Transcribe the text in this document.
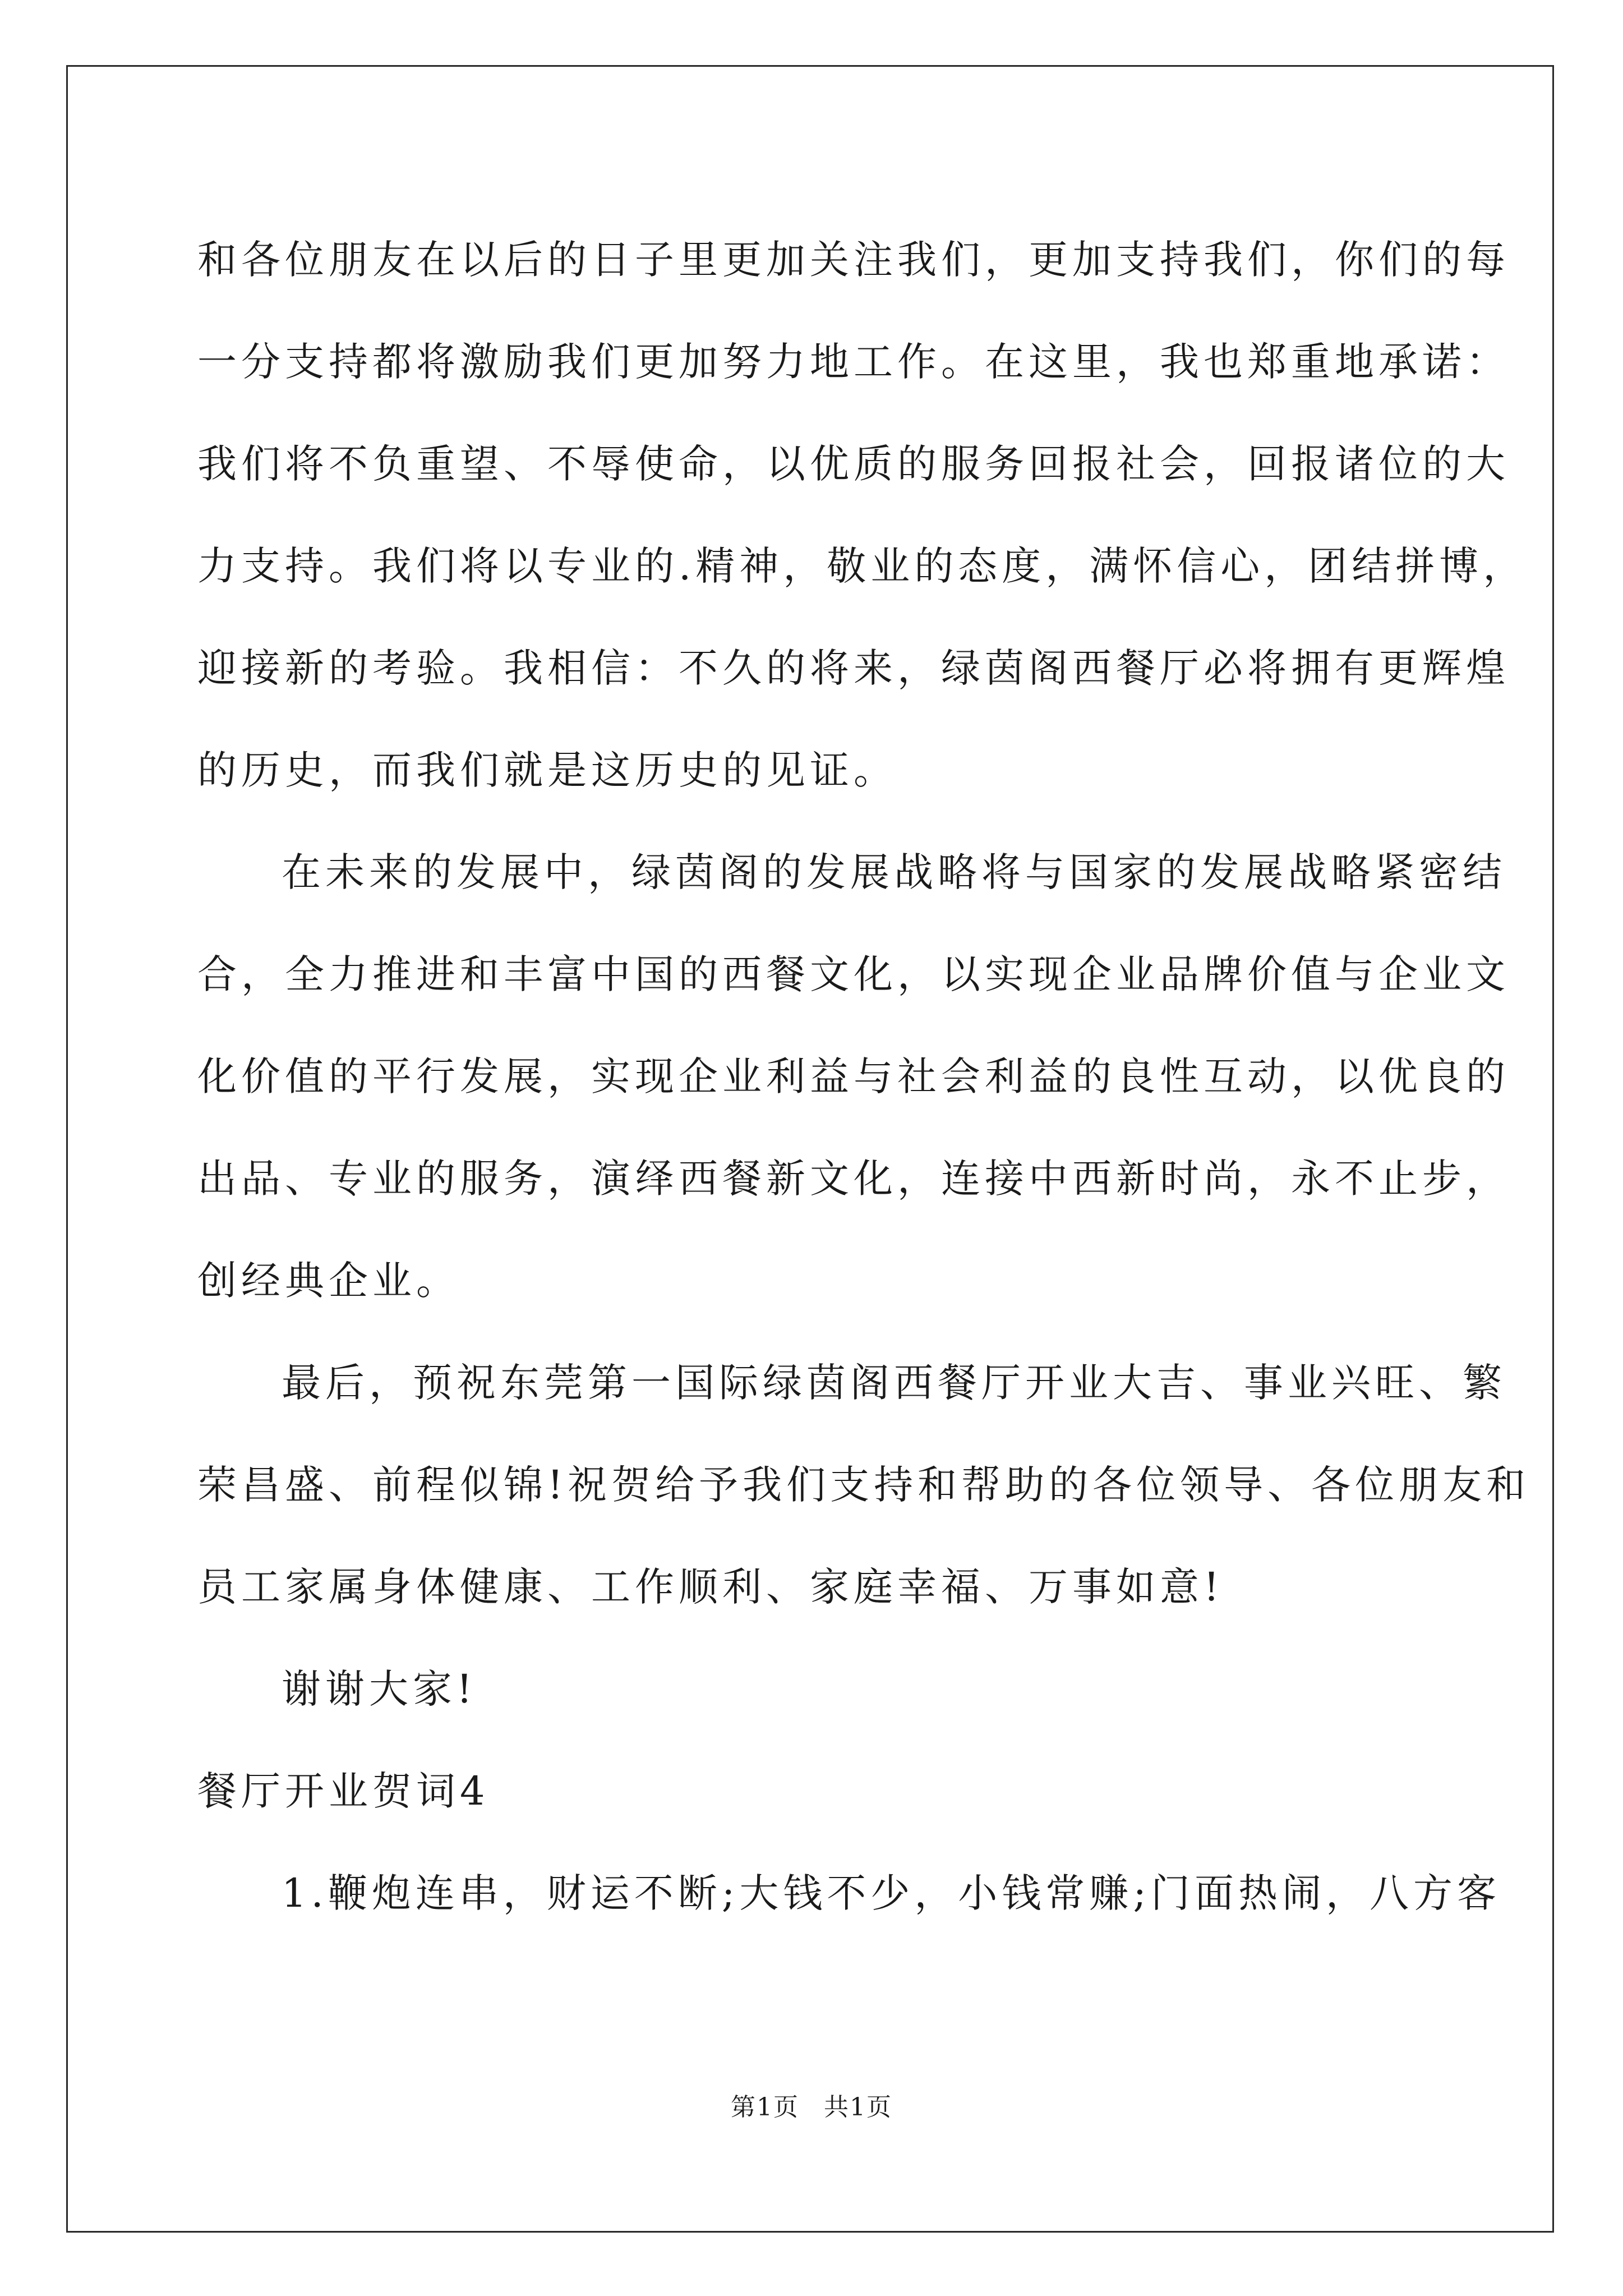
和各位朋友在以后的日子里更加关注我们，更加支持我们，你们的每
一分支持都将激励我们更加努力地工作。在这里，我也郑重地承诺：
我们将不负重望、不辱使命，以优质的服务回报社会，回报诸位的大
力支持。我们将以专业的.精神，敬业的态度，满怀信心，团结拼博，
迎接新的考验。我相信：不久的将来，绿茵阁西餐厅必将拥有更辉煌
的历史，而我们就是这历史的见证。
在未来的发展中，绿茵阁的发展战略将与国家的发展战略紧密结
合，全力推进和丰富中国的西餐文化，以实现企业品牌价值与企业文
化价值的平行发展，实现企业利益与社会利益的良性互动，以优良的
出品、专业的服务，演绎西餐新文化，连接中西新时尚，永不止步，
创经典企业。
最后，预祝东莞第一国际绿茵阁西餐厅开业大吉、事业兴旺、繁
荣昌盛、前程似锦!祝贺给予我们支持和帮助的各位领导、各位朋友和
员工家属身体健康、工作顺利、家庭幸福、万事如意!
谢谢大家!
餐厅开业贺词4
1.鞭炮连串，财运不断;大钱不少，小钱常赚;门面热闹，八方客
第1页 共1页
